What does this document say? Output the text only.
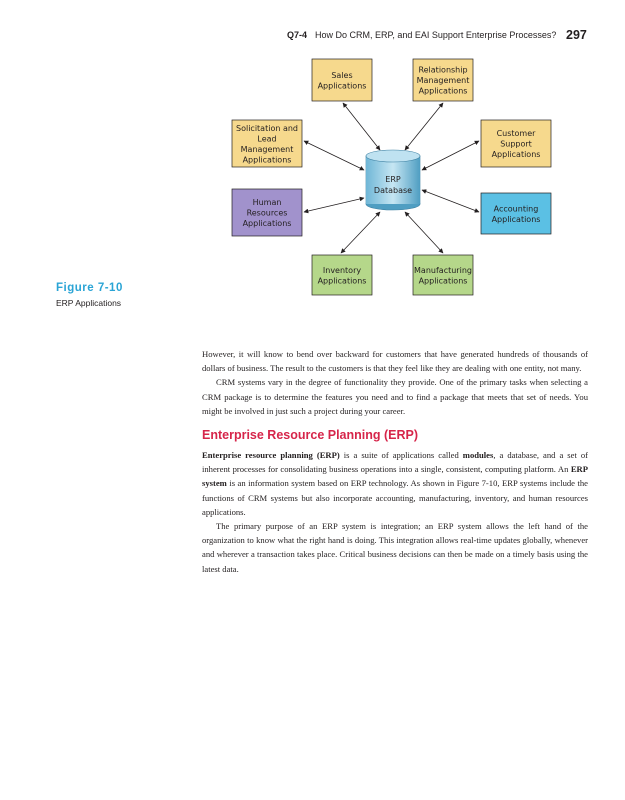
Q7-4 How Do CRM, ERP, and EAI Support Enterprise Processes? 297
Sales
Applications
Relationship
Management
Applications
Solicitation and
Lead
Management
Applications
Customer
Support
Applications
Human
Resources
Applications
Accounting
Applications
Inventory
Applications
Manufacturing
Applications
ERP
Database
Figure 7-10
ERP Applications

However, it will know to bend over backward for customers that have generated hundreds of thousands of dollars of business. The result to the customers is that they feel like they are dealing with one entity, not many.

CRM systems vary in the degree of functionality they provide. One of the primary tasks when selecting a CRM package is to determine the features you need and to find a package that meets that set of needs. You might be involved in just such a project during your career.

Enterprise Resource Planning (ERP)

Enterprise resource planning (ERP) is a suite of applications called modules, a database, and a set of inherent processes for consolidating business operations into a single, consistent, computing platform. An ERP system is an information system based on ERP technology. As shown in Figure 7-10, ERP systems include the functions of CRM systems but also incorporate accounting, manufacturing, inventory, and human resources applications.

The primary purpose of an ERP system is integration; an ERP system allows the left hand of the organization to know what the right hand is doing. This integration allows real-time updates globally, whenever and wherever a transaction takes place. Critical business decisions can then be made on a timely basis using the latest data.
